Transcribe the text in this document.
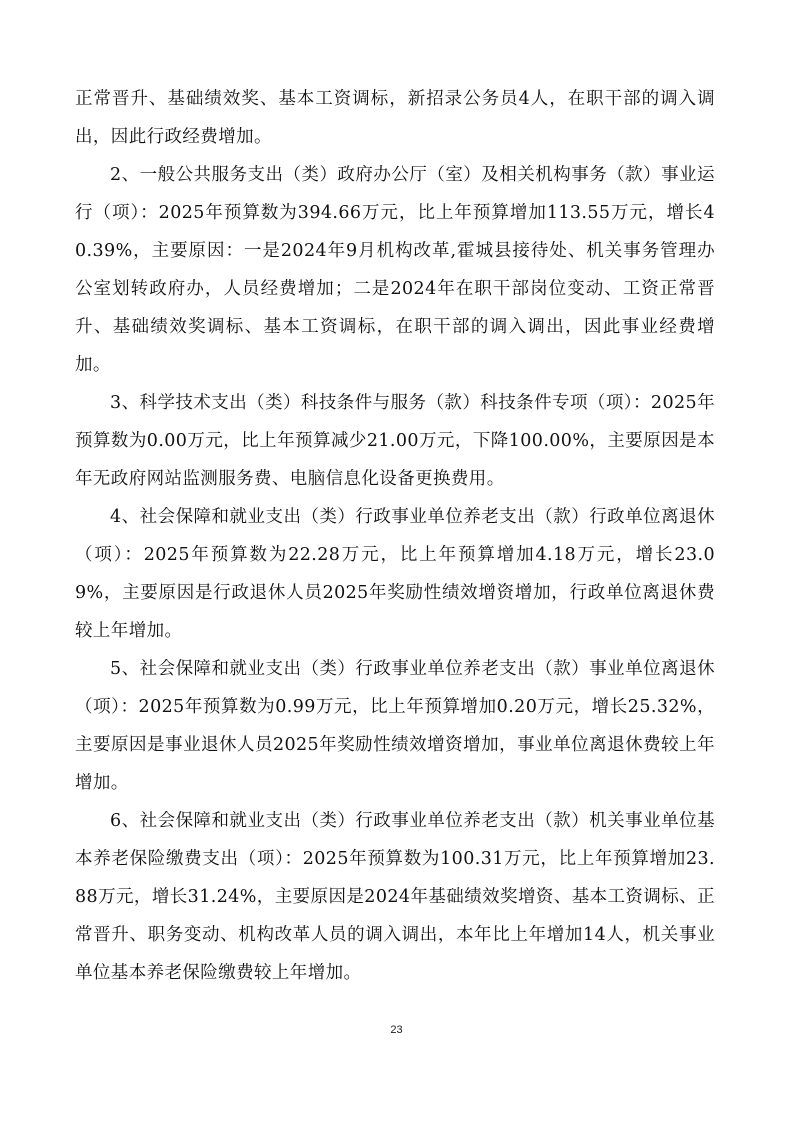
正常晋升、基础绩效奖、基本工资调标，新招录公务员4人，在职干部的调入调出，因此行政经费增加。

2、一般公共服务支出（类）政府办公厅（室）及相关机构事务（款）事业运行（项）：2025年预算数为394.66万元，比上年预算增加113.55万元，增长40.39%，主要原因：一是2024年9月机构改革,霍城县接待处、机关事务管理办公室划转政府办，人员经费增加；二是2024年在职干部岗位变动、工资正常晋升、基础绩效奖调标、基本工资调标，在职干部的调入调出，因此事业经费增加。

3、科学技术支出（类）科技条件与服务（款）科技条件专项（项）：2025年预算数为0.00万元，比上年预算减少21.00万元，下降100.00%，主要原因是本年无政府网站监测服务费、电脑信息化设备更换费用。

4、社会保障和就业支出（类）行政事业单位养老支出（款）行政单位离退休（项）：2025年预算数为22.28万元，比上年预算增加4.18万元，增长23.09%，主要原因是行政退休人员2025年奖励性绩效增资增加，行政单位离退休费较上年增加。

5、社会保障和就业支出（类）行政事业单位养老支出（款）事业单位离退休（项）：2025年预算数为0.99万元，比上年预算增加0.20万元，增长25.32%，主要原因是事业退休人员2025年奖励性绩效增资增加，事业单位离退休费较上年增加。

6、社会保障和就业支出（类）行政事业单位养老支出（款）机关事业单位基本养老保险缴费支出（项）：2025年预算数为100.31万元，比上年预算增加23.88万元，增长31.24%，主要原因是2024年基础绩效奖增资、基本工资调标、正常晋升、职务变动、机构改革人员的调入调出，本年比上年增加14人，机关事业单位基本养老保险缴费较上年增加。

23
